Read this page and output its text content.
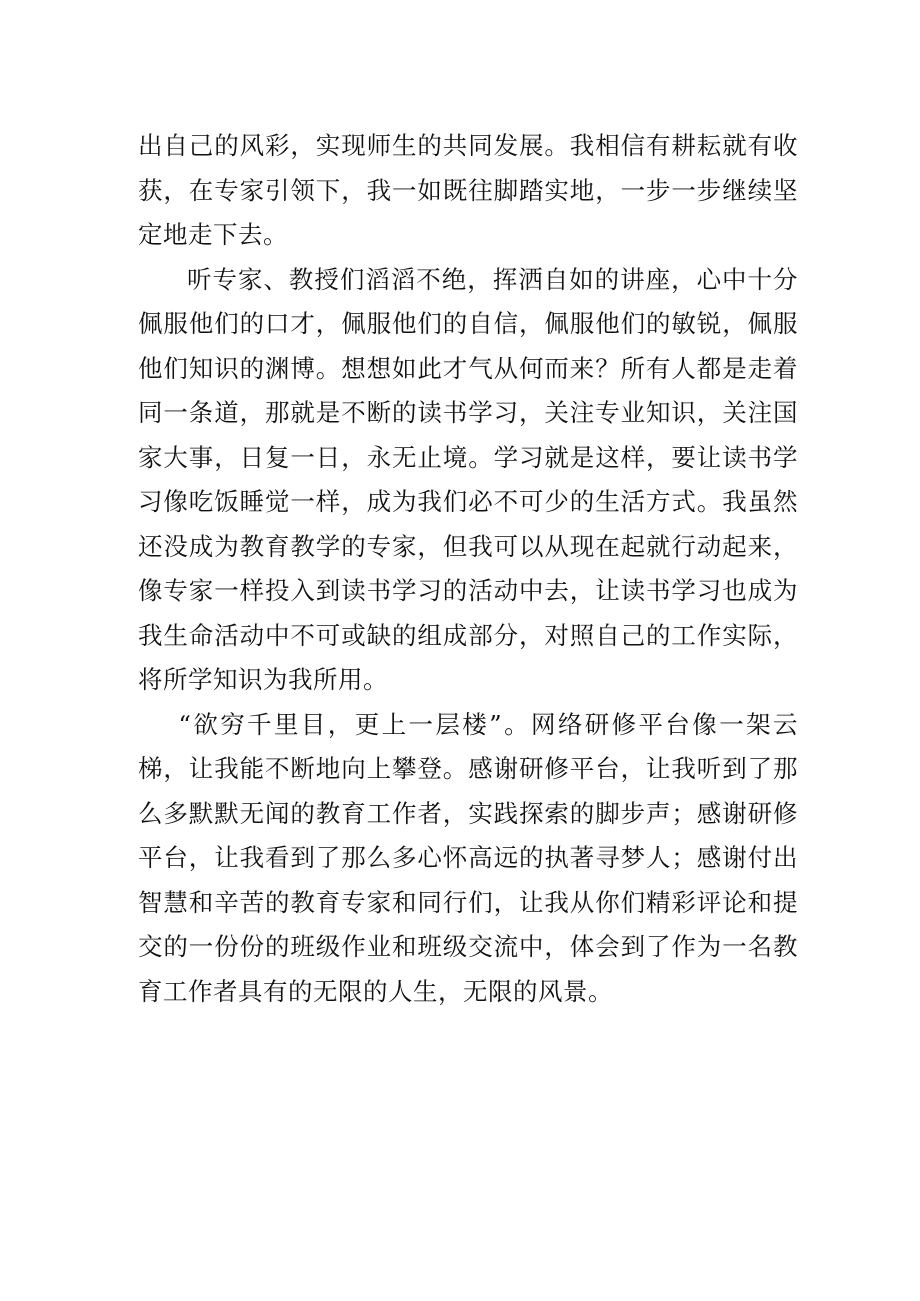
出自己的风彩，实现师生的共同发展。我相信有耕耘就有收获，在专家引领下，我一如既往脚踏实地，一步一步继续坚定地走下去。

听专家、教授们滔滔不绝，挥洒自如的讲座，心中十分佩服他们的口才，佩服他们的自信，佩服他们的敏锐，佩服他们知识的渊博。想想如此才气从何而来？所有人都是走着同一条道，那就是不断的读书学习，关注专业知识，关注国家大事，日复一日，永无止境。学习就是这样，要让读书学习像吃饭睡觉一样，成为我们必不可少的生活方式。我虽然还没成为教育教学的专家，但我可以从现在起就行动起来，像专家一样投入到读书学习的活动中去，让读书学习也成为我生命活动中不可或缺的组成部分，对照自己的工作实际，将所学知识为我所用。

“欲穷千里目，更上一层楼”。网络研修平台像一架云梯，让我能不断地向上攀登。感谢研修平台，让我听到了那么多默默无闻的教育工作者，实践探索的脚步声；感谢研修平台，让我看到了那么多心怀高远的执著寻梦人；感谢付出智慧和辛苦的教育专家和同行们，让我从你们精彩评论和提交的一份份的班级作业和班级交流中，体会到了作为一名教育工作者具有的无限的人生，无限的风景。
